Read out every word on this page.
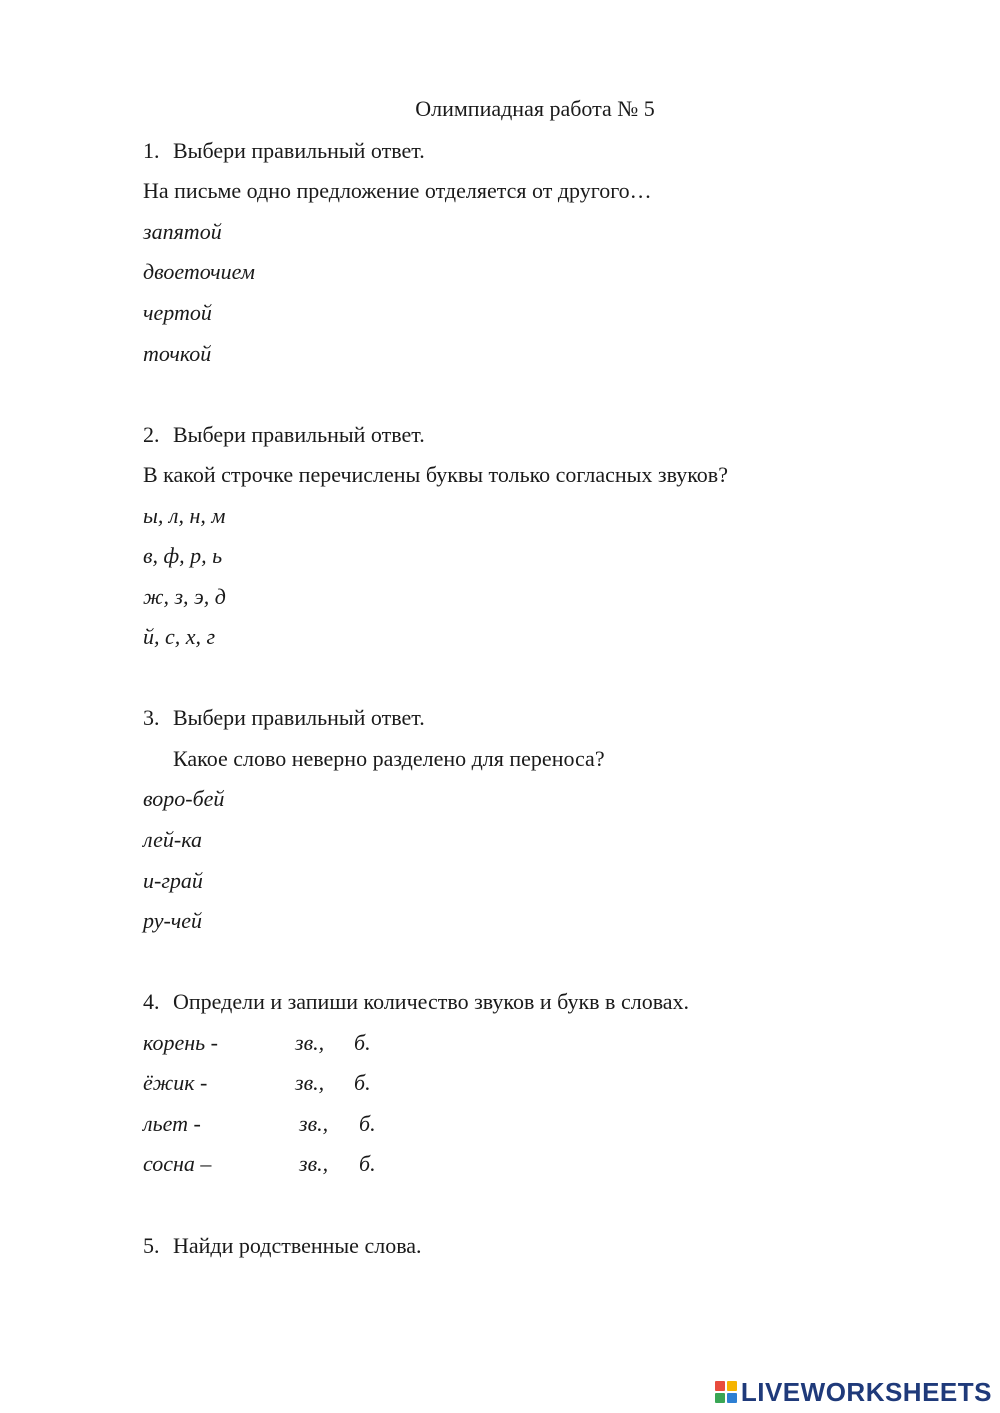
Олимпиадная работа № 5
1. Выбери правильный ответ.
На письме одно предложение отделяется от другого…
запятой
двоеточием
чертой
точкой
2. Выбери правильный ответ.
В какой строчке перечислены буквы только согласных звуков?
ы, л, н, м
в, ф, р, ь
ж, з, э, д
й, с, х, г
3. Выбери правильный ответ.
Какое слово неверно разделено для переноса?
воро-бей
лей-ка
и-грай
ру-чей
4. Определи и запиши количество звуков и букв в словах.
корень -	зв., б.
ёжик -	зв., б.
льет -	зв., б.
сосна –	зв., б.
5. Найди родственные слова.
LIVEWORKSHEETS
